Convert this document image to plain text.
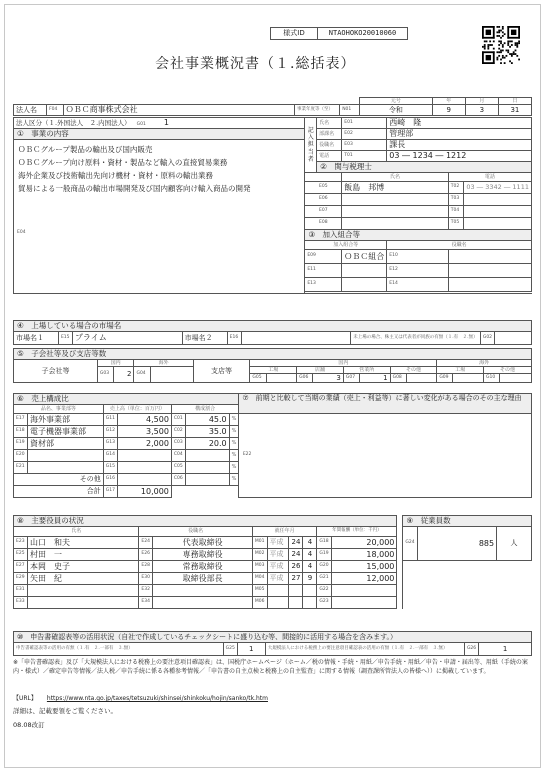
様式ID	NTAOHOKO20010060
会社事業概況書（１.総括表）
					元号	年	月	日
法人名	F04	ＯＢＣ商事株式会社	事業年度等（至）	N01	令和	9	3	31
法人区分（１.外国法人　２.内国法人） G01 1	記入担当者	氏名	E01	西崎　隆		
①　事業の内容		部課名	E02	管理部		

ＯＢＣグループ製品の輸出及び国内販売
ＯＢＣグループ向け原料・資材・製品など輸入の直接貿易業務
海外企業及び技術輸出先向け機材・資材・原料の輸出業務
貿易による一般商品の輸出市場開発及び国内顧客向け輸入商品の開発		役職名	E03	課長		
		電話	T01	03 ― 1234 ― 1212		
		②　関与税理士				
			氏名		電話	
	E05		飯島　邦博		T02	03 ― 3342 ― 1111
	E06				T03	
	E07				T04	
	E08				T05	
	③　加入組合等					
	加入組合等			役職名		
	E09		ＯＢＣ組合	E10		
	E11			E12		
	E13			E14		

E04
④　上場している場合の市場名
市場名１	E15	プライム	市場名２	E16		未上場の場合、株主又は代表者が同族の有無（１.有　２.無）	G02	
⑤　子会社等及び支店等数																	
子会社等	国内		海外		支店等	国内								海外			
	G03	2	G04			工場		店舗		営業所		その他		工場		その他	
						G05		G06	3	G07	1	G08		G09		G10	
⑥　売上構成比							⑦　前期と比較して当期の業績（売上・利益等）に著しい変化がある場合のその主な理由
品名、事業部等		売上高（単位：百万円）		構成割合			
E17	海外事業部	G11	4,500	C01	45.0	%	E22
E18	電子機器事業部	G12	3,500	C02	35.0	%	
E19	資材部	G13	2,000	C03	20.0	%	
E20		G14		C04		%	
E21		G15		C05		%	
その他		G16		C06		%	
合計		G17	10,000				
⑧　主要役員の状況											⑨　従業員数		
氏名		役職名		就任年月				年間報酬（単位：千円）			G24	885	人
E23	山口　和夫	E24	代表取締役	M01	平成	24	4	G18	20,000				
E25	村田　一	E26	専務取締役	M02	平成	24	4	G19	18,000				
E27	本岡　史子	E28	常務取締役	M03	平成	26	4	G20	15,000				
E29	矢田　紀	E30	取締役部長	M04	平成	27	9	G21	12,000				
E31		E32		M05				G22					
E33		E34		M06				G23					
⑩　申告書確認表等の活用状況（自社で作成しているチェックシートに盛り込む等、間接的に活用する場合を含みます。）
申告書確認表等の活用の有無（１.有　２.一部有　３.無）	G25	1	大規模法人における税務上の要注意項目確認表の活用の有無（１.有　２.一部有　３.無）	G26	1
※「申告書確認表」及び「大規模法人における税務上の要注意項目確認表」は、国税庁ホームページ（ホーム／税の情報・手続・用紙／申告手続・用紙／申告・申請・届出等、用紙（手続の案内・様式）／確定申告等情報／法人税／申告手続に係る各種参考情報／「申告書の自主点検と税務上の自主監査」に関する情報（調査課所管法人の皆様へ））に掲載しています。
【URL】 https://www.nta.go.jp/taxes/tetsuzuki/shinsei/shinkoku/hojin/sanko/tk.htm
詳細は、記載要領をご覧ください。
08.08改訂
